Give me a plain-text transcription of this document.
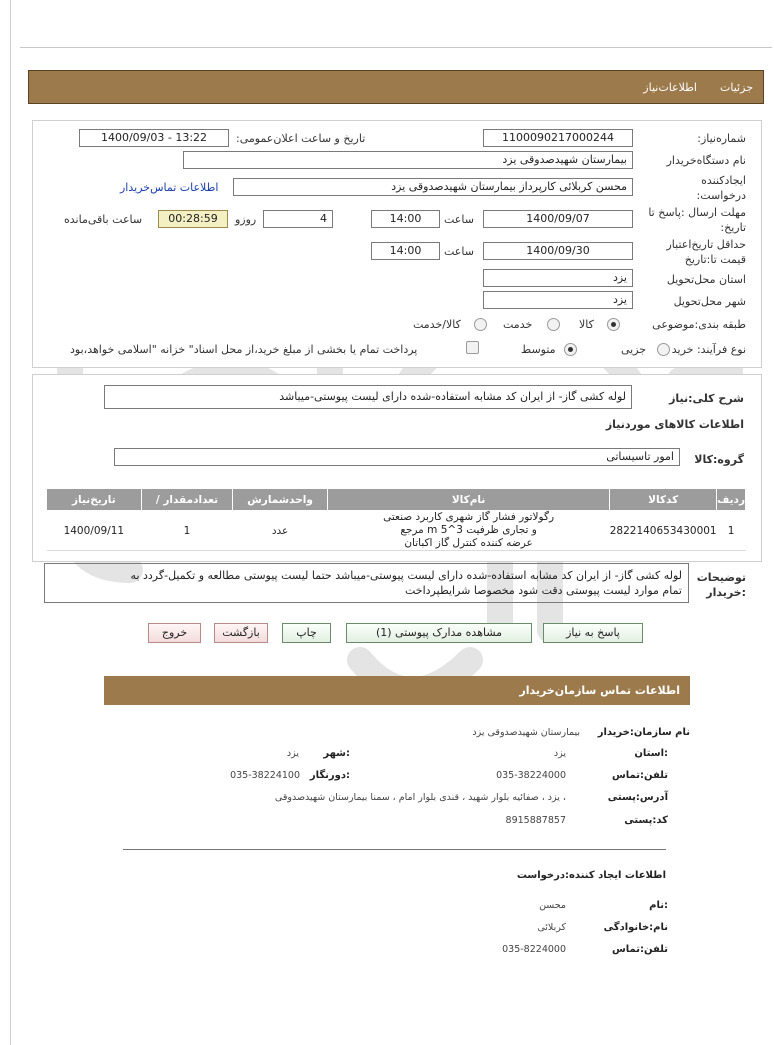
جزئیات
اطلاعات‌نیاز
شماره‌نیاز:
1100090217000244
تاریخ و ساعت اعلان‌عمومی:
1400/09/03 - 13:22
نام دستگاه‌خریدار
بیمارستان شهیدصدوقی یزد
ایجادکننده
درخواست:
محسن کربلائی کارپرداز بیمارستان شهیدصدوقی یزد
اطلاعات تماس‌خریدار
مهلت ارسال :پاسخ تا
تاریخ:
1400/09/07
ساعت
14:00
4
روزو
00:28:59
ساعت باقی‌مانده
حداقل تاریخ‌اعتبار
قیمت تا:تاریخ
1400/09/30
ساعت
14:00
استان محل‌تحویل
یزد
شهر محل‌تحویل
یزد
طبقه بندی:موضوعی
کالا
خدمت
کالا/خدمت
نوع فرآیند: خرید
جزیی
متوسط
پرداخت تمام یا بخشی از مبلغ خرید،از محل اسناد" خزانه "اسلامی خواهد،بود
شرح کلی:نیاز
لوله کشی گاز- از ایران کد مشابه استفاده-شده دارای لیست پیوستی-میباشد
اطلاعات کالاهای موردنیاز
گروه:کالا
امور تاسیساتی
ردیف	کدکالا	نام‌کالا	واحدشمارش	تعدادمقدار /	تاریخ‌نیاز
1	2822140653430001	رگولاتور فشار گاز شهری کاربرد صنعتی
و تجاری ظرفیت 3^m 5 مرجع
عرضه کننده کنترل گاز اکباتان	عدد	1	1400/09/11
توضیحات
:خریدار
لوله کشی گاز- از ایران کد مشابه استفاده-شده دارای لیست پیوستی-میباشد حتما لیست پیوستی مطالعه و تکمیل-گردد به
تمام موارد لیست پیوستی دقت شود مخصوصا شرایطپرداخت
پاسخ به نیاز
مشاهده مدارک پیوستی (1)
چاپ
بازگشت
خروج
اطلاعات تماس سازمان‌خریدار
نام سازمان:خریدار
بیمارستان شهیدصدوقی یزد
:استان
یزد
:شهر
یزد
تلفن:تماس
035-38224000
:دورنگار
035-38224100
آدرس:پستی
، یزد ، صفائیه بلوار شهید ، قندی بلوار امام ، سمنا بیمارستان شهیدصدوقی
کد:پستی
8915887857
اطلاعات ایجاد کننده:درخواست
:نام
محسن
نام:خانوادگی
کربلائی
تلفن:تماس
035-8224000
